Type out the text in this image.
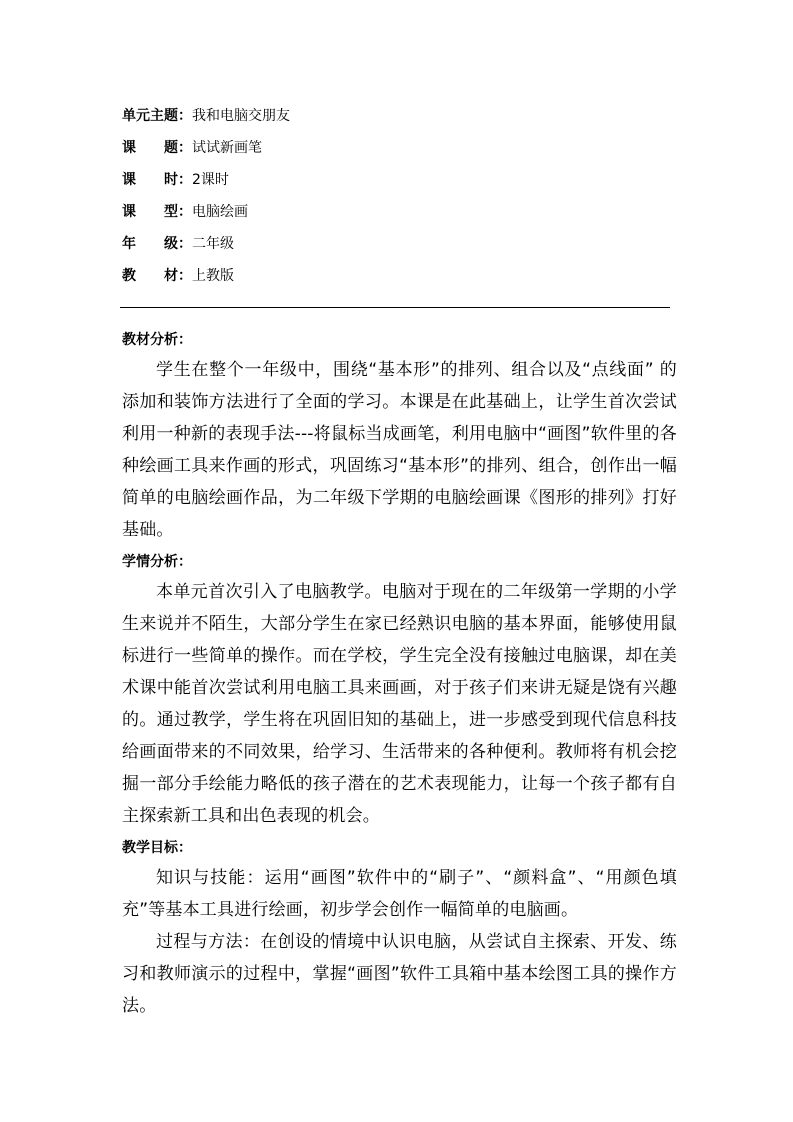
单元主题：我和电脑交朋友
课　　题：试试新画笔
课　　时：2课时
课　　型：电脑绘画
年　　级：二年级
教　　材：上教版
教材分析：

学生在整个一年级中，围绕“基本形”的排列、组合以及“点线面” 的添加和装饰方法进行了全面的学习。本课是在此基础上，让学生首次尝试利用一种新的表现手法---将鼠标当成画笔，利用电脑中“画图”软件里的各种绘画工具来作画的形式，巩固练习“基本形”的排列、组合，创作出一幅简单的电脑绘画作品，为二年级下学期的电脑绘画课《图形的排列》打好基础。

学情分析：

本单元首次引入了电脑教学。电脑对于现在的二年级第一学期的小学生来说并不陌生，大部分学生在家已经熟识电脑的基本界面，能够使用鼠标进行一些简单的操作。而在学校，学生完全没有接触过电脑课，却在美术课中能首次尝试利用电脑工具来画画，对于孩子们来讲无疑是饶有兴趣的。通过教学，学生将在巩固旧知的基础上，进一步感受到现代信息科技给画面带来的不同效果，给学习、生活带来的各种便利。教师将有机会挖掘一部分手绘能力略低的孩子潜在的艺术表现能力，让每一个孩子都有自主探索新工具和出色表现的机会。

教学目标：

知识与技能：运用“画图”软件中的“刷子”、“颜料盒”、“用颜色填充”等基本工具进行绘画，初步学会创作一幅简单的电脑画。

过程与方法：在创设的情境中认识电脑，从尝试自主探索、开发、练习和教师演示的过程中，掌握“画图”软件工具箱中基本绘图工具的操作方法。
